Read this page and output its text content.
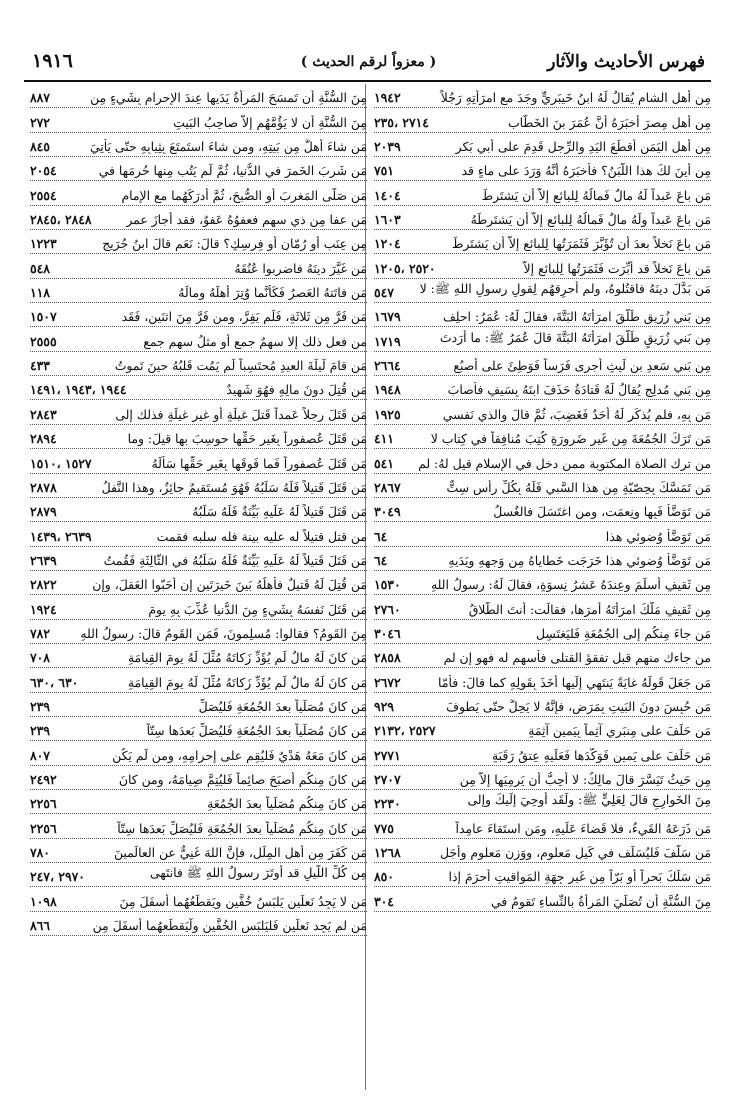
فهرس الأحاديث والآثار
( معزواً لرقم الحديث )
١٩١٦
مِن أهلِ الشامِ يُقالُ لَهُ ابنُ خَيبَرِيٍّ وجَدَ مع امرَأتِهِ رَجُلاً
١٩٤٢
مِن أهلِ مِصرَ أخبَرَهُ أنَّ عُمَرَ بنَ الخَطّابِ
٢٧١٤ ،٢٣٥
مِن أهلِ اليَمَنِ أقطَعَ اليَدِ والرِّجلِ قَدِمَ على أبي بَكرٍ
٢٠٣٩
مِن أينَ لكَ هذا اللَّبَنُ؟ فأخبَرَهُ أنَّهُ وَرَدَ على ماءٍ قد
٧٥١
مَن باعَ عَبداً لَهُ مالٌ فَمالُهُ لِلبائعِ إلاّ أن يَشتَرِطَ
١٤٠٤
مَن باعَ عَبداً ولَهُ مالٌ فَمالُهُ لِلبائعِ إلاّ أن يَشتَرِطَهُ
١٦٠٣
مَن باعَ نَخلاً بعدَ أن تُؤَبَّرَ فَثَمَرَتُها لِلبائعِ إلاّ أن يَشتَرِطَ
١٢٠٤
مَن باعَ نَخلاً قد أُبِّرَت فَثَمَرَتُها لِلبائعِ إلاّ
٢٥٢٠ ،١٢٠٥
مَن بَدَّلَ دينَهُ فاقتُلوهُ، ولم أحرِقهُم لِقولِ رسولِ اللهِ ﷺ: لا
٥٤٧
مِن بَني زُرَيقٍ طَلَّقَ امرَأتَهُ البَتَّةَ، فقالَ لَهُ: عُمَرُ: احلِف
١٦٧٩
مِن بَني زُرَيقٍ طَلَّقَ امرَأتَهُ البَتَّةَ قالَ عُمَرُ ﷺ: ما أرَدتَ
١٧١٩
مِن بَني سَعدِ بنِ لَيثٍ أجرى فَرَساً فَوَطِئَ على أُصبُعِ
٢٦٦٤
مِن بَني مُدلِجٍ يُقالُ لَهُ قَتادَةُ حَذَفَ ابنَهُ بِسَيفٍ فأصابَ
١٩٤٨
مَن بِهِ، فلم يُذكَر لَهُ أحَدٌ فَغَضِبَ، ثُمَّ قالَ والذي نَفسي
١٩٢٥
مَن تَرَكَ الجُمُعَةَ مِن غَيرِ ضَرورَةٍ كُتِبَ مُنافِقاً في كِتابٍ لا
٤١١
من ترك الصلاة المكتوبة ممن دخل في الإسلام قيل لهُ: لم
٥٤١
مَن تَمَسَّكَ بِحِصّيّةٍ مِن هذا السَّبيِ فَلَهُ بِكُلِّ رأسٍ سِتٌّ
٢٨٦٧
مَن تَوَضَّأَ فَبِها ونِعمَت، ومن اغتَسَلَ فالغُسلُ
٣٠٤٩
مَن تَوَضَّأَ وُضوئي هذا
٦٤
مَن تَوَضَّأَ وُضوئي هذا خَرَجَت خَطاياهُ مِن وَجهِهِ ويَدَيهِ
٦٤
مِن ثَقيفٍ أسلَمَ وعِندَهُ عَشرُ نِسوَةٍ، فقالَ لَهُ: رسولُ اللهِ
١٥٣٠
مِن ثَقيفٍ مَلَّكَ امرَأتَهُ أمرَها، فقالَت: أنتَ الطَّلاقُ
٢٧٦٠
مَن جاءَ مِنكُم إلى الجُمُعَةِ فَليَغتَسِل
٣٠٤٦
من جاءك منهم قبل تفقؤ القتلى فأسهم له فهو إن لم
٢٨٥٨
مَن جَعَلَ قَولَهُ غايَةً يَنتَهي إلَيها أخَذَ بِقَولِهِ كما قالَ: فأمّا
٢٦٧٢
مَن حُبِسَ دونَ البَيتِ بِمَرَضٍ، فإنَّهُ لا يَحِلُّ حتّى يَطوفَ
٩٢٩
مَن حَلَفَ على مِنبَري آثِماً بِيَمينٍ آثِمَةٍ
٢٥٢٧ ،٢١٣٢
مَن حَلَفَ على يَمينٍ فَوَكَّدَها فَعَلَيهِ عِتقُ رَقَبَةٍ
٢٧٧١
مِن حَيثُ تَيَسَّرَ قالَ مالِكٌ: لا أُحِبُّ أن يَرمِيَها إلاّ مِن
٢٧٠٧
مِنَ الخَوارِجِ قالَ لِعَلِيٍّ ﷺ: ولَقَد أوحِيَ إلَيكَ وإلى
٢٢٣٠
مَن ذَرَعَهُ القَيءُ، فلا قَضاءَ عَلَيهِ، ومَن استَقاءَ عامِداً
٧٧٥
مَن سَلَّفَ فَليُسَلِّف في كَيلٍ مَعلومٍ، ووَزنٍ مَعلومٍ وأجَلٍ
١٢٦٨
مَن سَلَكَ بَحراً أو بَرّاً مِن غَيرِ جِهَةِ المَواقيتِ أحرَمَ إذا
٨٥٠
مِنَ السُّنَّةِ أن تُصَلِّيَ المَرأةُ بالنِّساءِ تَقومُ في
٣٠٤
مِنَ السُّنَّةِ أن تَمسَحَ المَرأةُ يَدَيها عِندَ الإحرامِ بِشَيءٍ مِن
٨٨٧
مِنَ السُّنَّةِ أن لا يَؤُمَّهُم إلاّ صاحِبُ البَيتِ
٢٧٢
مَن شاءَ أهلَّ مِن بَيتِهِ، ومن شاءَ استَمتَعَ بِثِيابِهِ حتّى يَأتِيَ
٨٤٥
مَن شَرِبَ الخَمرَ في الدُّنيا، ثُمَّ لَم يَتُب مِنها حُرِمَها في
٢٠٥٤
مَن صَلّى المَغرِبَ أو الصُّبحَ، ثُمَّ أدرَكَهُما مع الإمامِ
٢٥٥٤
مَن عفا مِن ذي سهمٍ فعفوُهُ عَفوٌ، فقد أجازَ عمر
٢٨٤٨ ،٢٨٤٥
مِن عِنَبٍ أو رُمّانٍ أو فِرسِكٍ؟ قالَ: نَعَم قالَ ابنُ جُرَيجٍ
١٢٢٣
مَن غَيَّرَ دينَهُ فاضرِبوا عُنُقَهُ
٥٤٨
مَن فاتَتهُ العَصرُ فَكَأنَّما وُتِرَ أهلَهُ ومالَهُ
١١٨
مَن فَرَّ مِن ثَلاثَةٍ، فَلَم يَفِرَّ، ومن فَرَّ مِنَ اثنَينِ، فَقَد
١٥٠٧
من فعل ذلك إلا سهمٌ جمعٍ أو مثلُ سهمِ جمعٍ
٢٥٥٥
مَن قامَ لَيلَةَ العيدِ مُحتَسِباً لَم يَمُت قَلبُهُ حينَ تَموتُ
٤٣٣
مَن قُتِلَ دونَ مالِهِ فهُوَ شَهيدٌ
١٩٤٤ ،١٩٤٣ ،١٤٩١
مَن قَتَلَ رجلاً عَمداً قَتلَ غيلَةٍ أو غير غيلَةٍ فذلك إلى
٢٨٤٣
مَن قَتَلَ عُصفوراً بِغَيرِ حَقِّها حوسِبَ بها قيلَ: وما
٢٨٩٤
مَن قَتَلَ عُصفوراً فَما فَوقَها بِغَيرِ حَقِّها سَألَهُ
١٥٢٧ ،١٥١٠
مَن قَتَلَ قَتيلاً فَلَهُ سَلَبُهُ فَهُوَ مُستَقيمٌ جائِزٌ، وهذا النَّفلُ
٢٨٧٨
مَن قَتَلَ قَتيلاً لَهُ عَلَيهِ بَيِّنَةٌ فَلَهُ سَلَبُهُ
٢٨٧٩
من قتل قتيلاً له عليه بينة فله سلبه فقمت
٢٦٣٩ ،١٤٣٩
مَن قَتَلَ قَتيلاً لَهُ عَلَيهِ بَيِّنَةٌ فَلَهُ سَلَبُهُ في الثّالِثَةِ فَقُمتُ
٢٦٣٩
مَن قُتِلَ لَهُ قَتيلٌ فأهلُهُ بَينَ خَيرَتَينِ إن أحَبّوا العَقلَ، وإن
٢٨٢٢
مَن قَتَلَ نَفسَهُ بِشَيءٍ مِنَ الدُّنيا عُذِّبَ بِهِ يومَ
١٩٢٤
مِنَ القَومُ؟ فقالوا: مُسلِمونَ، فَمَنِ القَومُ قالَ: رسولُ اللهِ
٧٨٢
مَن كانَ لَهُ مالٌ لَم يُؤَدِّ زَكاتَهُ مُثِّلَ لَهُ يومَ القِيامَةِ
٧٠٨
مَن كانَ لَهُ مالٌ لَم يُؤَدِّ زَكاتَهُ مُثِّلَ لَهُ يومَ القِيامَةِ
٦٣٠ ،٦٣٠
مَن كانَ مُصَلِّياً بعدَ الجُمُعَةِ فَليُصَلِّ
٢٣٩
مَن كانَ مُصَلِّياً بعدَ الجُمُعَةِ فَليُصَلِّ بَعدَها سِتّاً
٢٣٩
مَن كانَ مَعَهُ هَدْيٌ فَليُقِم على إحرامِهِ، ومن لَم يَكُن
٨٠٧
مَن كانَ مِنكُم أصبَحَ صائِماً فَليُتِمَّ صِيامَهُ، ومن كانَ
٢٤٩٢
مَن كانَ مِنكُم مُصَلِّياً بعدَ الجُمُعَةِ
٢٢٥٦
مَن كانَ مِنكُم مُصَلِّياً بعدَ الجُمُعَةِ فَليُصَلِّ بَعدَها سِتّاً
٢٢٥٦
مَن كَفَرَ مِن أهلِ المِلَلِ، فإنَّ اللهَ غَنِيٌّ عنِ العالَمينَ
٧٨٠
مِن كُلِّ اللَّيلِ قد أوتَرَ رسولُ اللهِ ﷺ فانتَهى
٢٩٧٠ ،٢٤٧
مَن لا يَجِدُ نَعلَينِ يَلبَسُ خُفَّينِ ويَقطَعُهُما أسفَلَ مِنَ
١٠٩٨
مَن لم يَجِد نَعلَينِ فَليَلبَسِ الخُفَّينِ ولْيَقطَعهُما أسفَلَ مِن
٨٦٦
